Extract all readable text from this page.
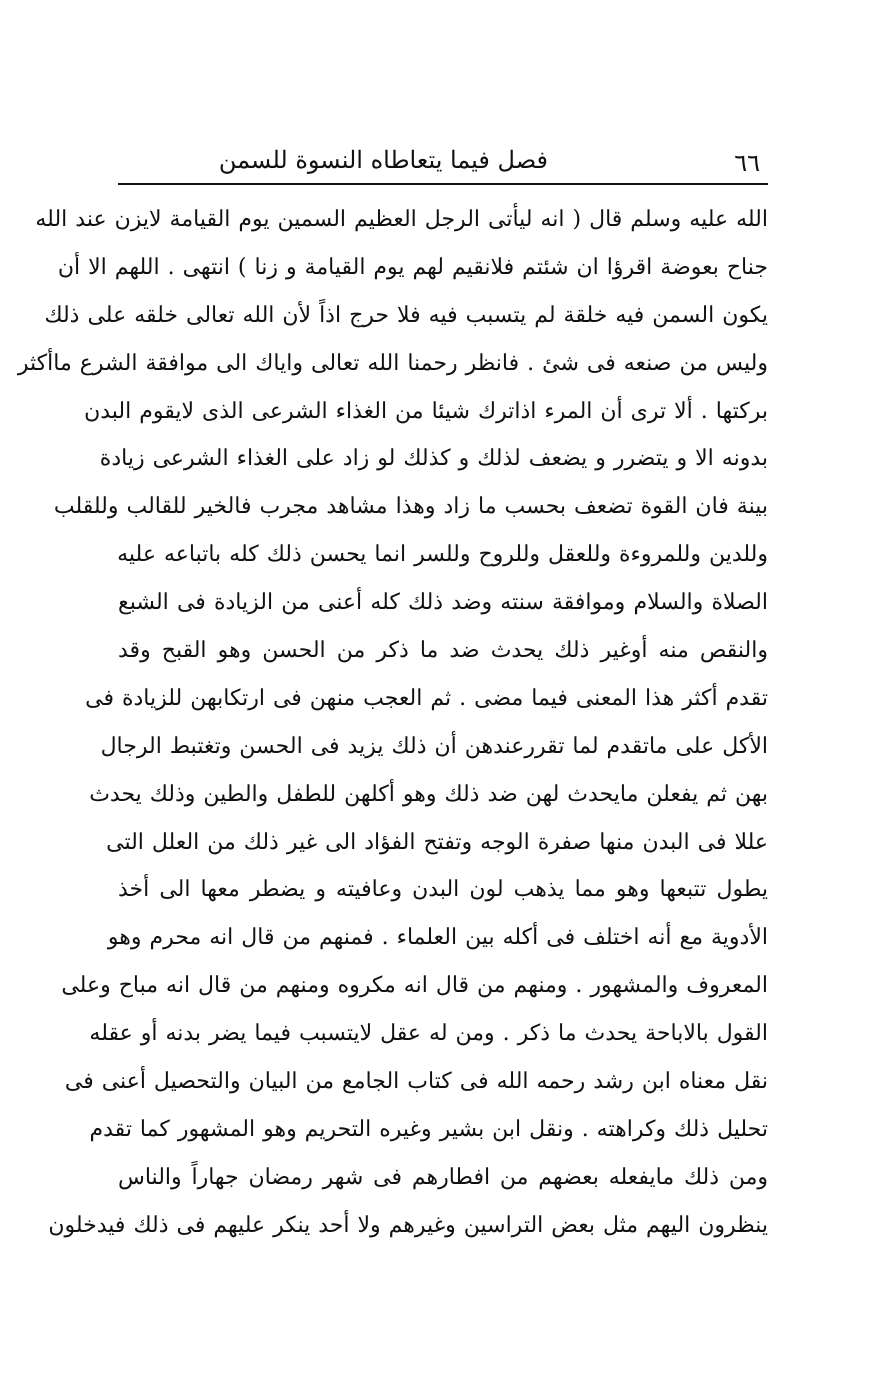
٦٦
فصل فيما يتعاطاه النسوة للسمن
الله عليه وسلم قال ( انه ليأتى الرجل العظيم السمين يوم القيامة لايزن عند الله
جناح بعوضة اقرؤا ان شئتم فلانقيم لهم يوم القيامة و زنا ) انتهى . اللهم الا أن
يكون السمن فيه خلقة لم يتسبب فيه فلا حرج اذاً لأن الله تعالى خلقه على ذلك
وليس من صنعه فى شئ . فانظر رحمنا الله تعالى واياك الى موافقة الشرع ماأكثر
بركتها . ألا ترى أن المرء اذاترك شيئا من الغذاء الشرعى الذى لايقوم البدن
بدونه الا و يتضرر و يضعف لذلك و كذلك لو زاد على الغذاء الشرعى زيادة
بينة فان القوة تضعف بحسب ما زاد وهذا مشاهد مجرب فالخير للقالب وللقلب
وللدين وللمروءة وللعقل وللروح وللسر انما يحسن ذلك كله باتباعه عليه
الصلاة والسلام وموافقة سنته وضد ذلك كله أعنى من الزيادة فى الشبع
والنقص منه أوغير ذلك يحدث ضد ما ذكر من الحسن وهو القبح وقد
تقدم أكثر هذا المعنى فيما مضى . ثم العجب منهن فى ارتكابهن للزيادة فى
الأكل على ماتقدم لما تقررعندهن أن ذلك يزيد فى الحسن وتغتبط الرجال
بهن ثم يفعلن مايحدث لهن ضد ذلك وهو أكلهن للطفل والطين وذلك يحدث
عللا فى البدن منها صفرة الوجه وتفتح الفؤاد الى غير ذلك من العلل التى
يطول تتبعها وهو مما يذهب لون البدن وعافيته و يضطر معها الى أخذ
الأدوية مع أنه اختلف فى أكله بين العلماء . فمنهم من قال انه محرم وهو
المعروف والمشهور . ومنهم من قال انه مكروه ومنهم من قال انه مباح وعلى
القول بالاباحة يحدث ما ذكر . ومن له عقل لايتسبب فيما يضر بدنه أو عقله
نقل معناه ابن رشد رحمه الله فى كتاب الجامع من البيان والتحصيل أعنى فى
تحليل ذلك وكراهته . ونقل ابن بشير وغيره التحريم وهو المشهور كما تقدم
ومن ذلك مايفعله بعضهم من افطارهم فى شهر رمضان جهاراً والناس
ينظرون اليهم مثل بعض التراسين وغيرهم ولا أحد ينكر عليهم فى ذلك فيدخلون
